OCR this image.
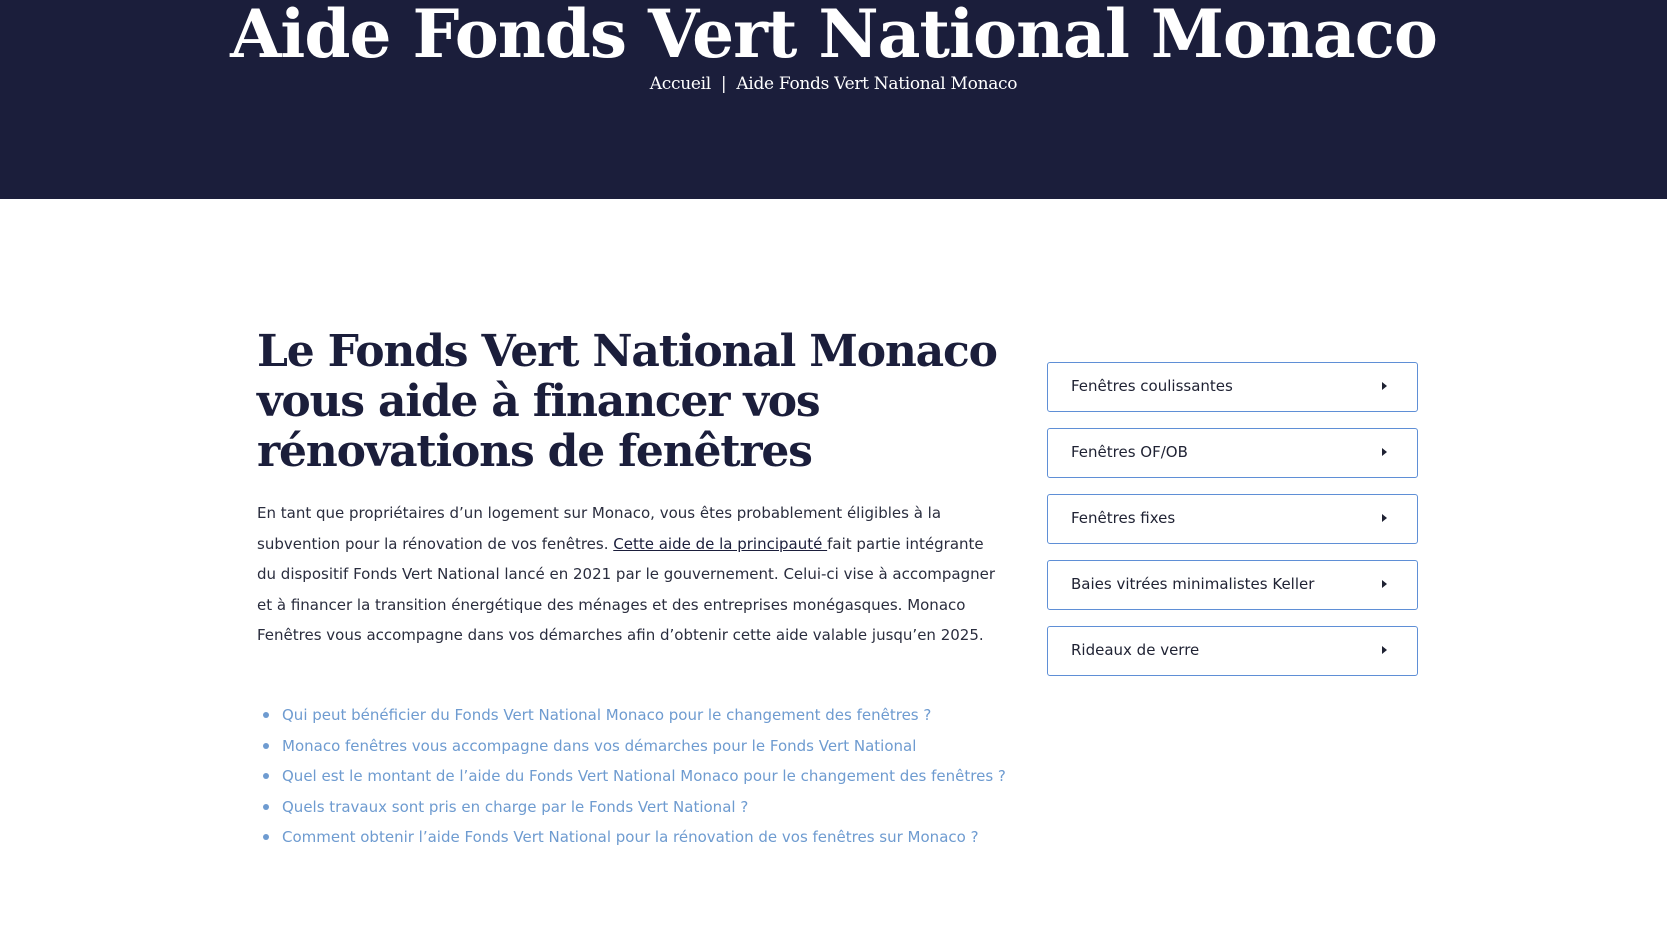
Aide Fonds Vert National Monaco
Accueil | Aide Fonds Vert National Monaco
Le Fonds Vert National Monaco vous aide à financer vos rénovations de fenêtres

En tant que propriétaires d’un logement sur Monaco, vous êtes probablement éligibles à la subvention pour la rénovation de vos fenêtres. Cette aide de la principauté fait partie intégrante du dispositif Fonds Vert National lancé en 2021 par le gouvernement. Celui-ci vise à accompagner et à financer la transition énergétique des ménages et des entreprises monégasques. Monaco Fenêtres vous accompagne dans vos démarches afin d’obtenir cette aide valable jusqu’en 2025.

Qui peut bénéficier du Fonds Vert National Monaco pour le changement des fenêtres ?
Monaco fenêtres vous accompagne dans vos démarches pour le Fonds Vert National
Quel est le montant de l’aide du Fonds Vert National Monaco pour le changement des fenêtres ?
Quels travaux sont pris en charge par le Fonds Vert National ?
Comment obtenir l’aide Fonds Vert National pour la rénovation de vos fenêtres sur Monaco ?
Fenêtres coulissantes
Fenêtres OF/OB
Fenêtres fixes
Baies vitrées minimalistes Keller
Rideaux de verre
